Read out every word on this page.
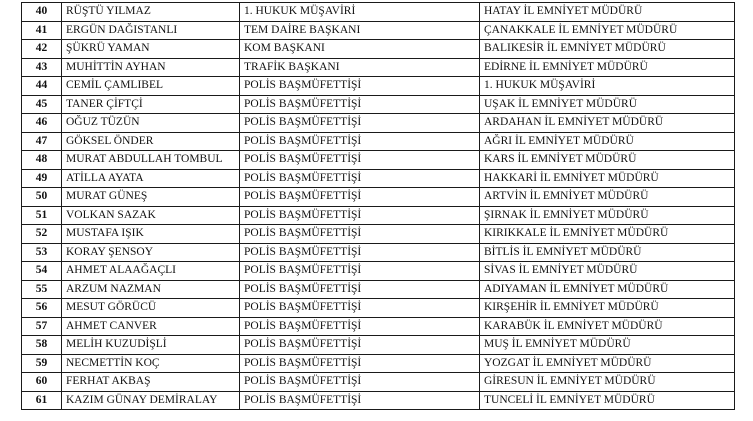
40	RÜŞTÜ YILMAZ	1. HUKUK MÜŞAVİRİ	HATAY İL EMNİYET MÜDÜRÜ
41	ERGÜN DAĞISTANLI	TEM DAİRE BAŞKANI	ÇANAKKALE İL EMNİYET MÜDÜRÜ
42	ŞÜKRÜ YAMAN	KOM BAŞKANI	BALIKESİR İL EMNİYET MÜDÜRÜ
43	MUHİTTİN AYHAN	TRAFİK BAŞKANI	EDİRNE İL EMNİYET MÜDÜRÜ
44	CEMİL ÇAMLIBEL	POLİS BAŞMÜFETTİŞİ	1. HUKUK MÜŞAVİRİ
45	TANER ÇİFTÇİ	POLİS BAŞMÜFETTİŞİ	UŞAK İL EMNİYET MÜDÜRÜ
46	OĞUZ TÜZÜN	POLİS BAŞMÜFETTİŞİ	ARDAHAN İL EMNİYET MÜDÜRÜ
47	GÖKSEL ÖNDER	POLİS BAŞMÜFETTİŞİ	AĞRI İL EMNİYET MÜDÜRÜ
48	MURAT ABDULLAH TOMBUL	POLİS BAŞMÜFETTİŞİ	KARS İL EMNİYET MÜDÜRÜ
49	ATİLLA AYATA	POLİS BAŞMÜFETTİŞİ	HAKKARİ İL EMNİYET MÜDÜRÜ
50	MURAT GÜNEŞ	POLİS BAŞMÜFETTİŞİ	ARTVİN İL EMNİYET MÜDÜRÜ
51	VOLKAN SAZAK	POLİS BAŞMÜFETTİŞİ	ŞIRNAK İL EMNİYET MÜDÜRÜ
52	MUSTAFA IŞIK	POLİS BAŞMÜFETTİŞİ	KIRIKKALE İL EMNİYET MÜDÜRÜ
53	KORAY ŞENSOY	POLİS BAŞMÜFETTİŞİ	BİTLİS İL EMNİYET MÜDÜRÜ
54	AHMET ALAAĞAÇLI	POLİS BAŞMÜFETTİŞİ	SİVAS İL EMNİYET MÜDÜRÜ
55	ARZUM NAZMAN	POLİS BAŞMÜFETTİŞİ	ADIYAMAN İL EMNİYET MÜDÜRÜ
56	MESUT GÖRÜCÜ	POLİS BAŞMÜFETTİŞİ	KIRŞEHİR İL EMNİYET MÜDÜRÜ
57	AHMET CANVER	POLİS BAŞMÜFETTİŞİ	KARABÜK İL EMNİYET MÜDÜRÜ
58	MELİH KUZUDİŞLİ	POLİS BAŞMÜFETTİŞİ	MUŞ İL EMNİYET MÜDÜRÜ
59	NECMETTİN KOÇ	POLİS BAŞMÜFETTİŞİ	YOZGAT İL EMNİYET MÜDÜRÜ
60	FERHAT AKBAŞ	POLİS BAŞMÜFETTİŞİ	GİRESUN İL EMNİYET MÜDÜRÜ
61	KAZIM GÜNAY DEMİRALAY	POLİS BAŞMÜFETTİŞİ	TUNCELİ İL EMNİYET MÜDÜRÜ
